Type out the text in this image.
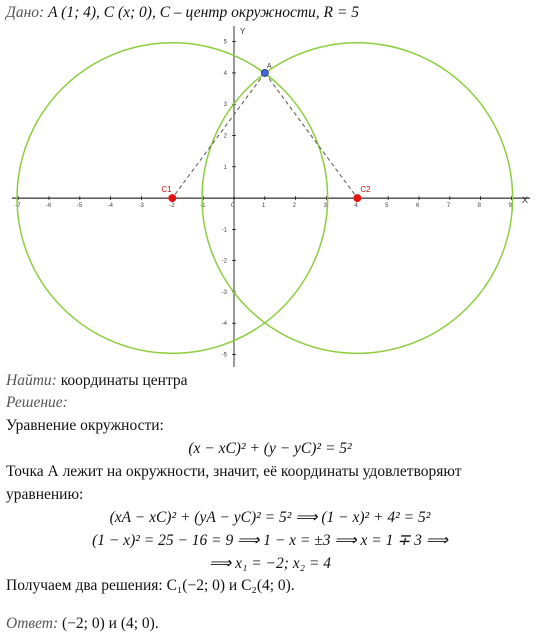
Дано: A (1; 4), C (x; 0), C – центр окружности, R = 5
-7	-6	-5	-4	-3	-2	-1	0	1	2	3	4	5	6	7	8	9
5
4
3
2
1
-1
-2
-3
-4
-5
A
C1	C2
X
Y
Найти: координаты центра
Решение:
Уравнение окружности:
(x − xC)² + (y − yC)² = 5²
Точка А лежит на окружности, значит, её координаты удовлетворяют
уравнению:
(xA − xC)² + (yA − yC)² = 5² ⟹ (1 − x)² + 4² = 5²
(1 − x)² = 25 − 16 = 9 ⟹ 1 − x = ±3 ⟹ x = 1 ∓ 3 ⟹
⟹ x₁ = −2; x₂ = 4
Получаем два решения: C₁(−2; 0) и C₂(4; 0).
Ответ: (−2; 0) и (4; 0).
